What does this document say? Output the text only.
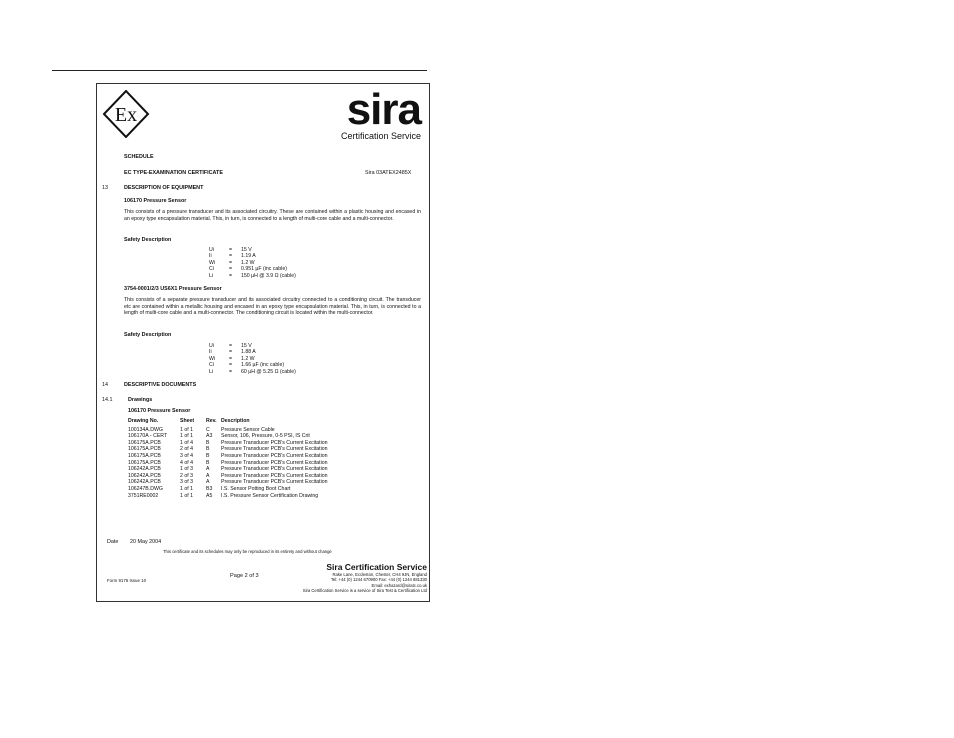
Ex	sira
Certification Service
SCHEDULE
EC TYPE-EXAMINATION CERTIFICATE	Sira 03ATEX2485X
13	DESCRIPTION OF EQUIPMENT
106170 Pressure Sensor
This consists of a pressure transducer and its associated circuitry. These are contained within a plastic housing and encased in an epoxy type encapsulation material. This, in turn, is connected to a length of multi-core cable and a multi-connector.
Safety Description
Ui	=	15 V
Ii	=	1.19 A
Wi	=	1.2 W
Ci	=	0.951 µF (inc cable)
Li	=	150 µH @ 3.9 Ω (cable)
3754-0001/2/3 US6X1 Pressure Sensor
This consists of a separate pressure transducer and its associated circuitry connected to a conditioning circuit. The transducer etc are contained within a metallic housing and encased in an epoxy type encapsulation material. This, in turn, is connected to a length of multi-core cable and a multi-connector. The conditioning circuit is located within the multi-connector.
Safety Description
Ui	=	15 V
Ii	=	1.88 A
Wi	=	1.2 W
Ci	=	1.66 µF (inc cable)
Li	=	60 µH @ 5.25 Ω (cable)
14	DESCRIPTIVE DOCUMENTS
14.1	Drawings
106170 Pressure Sensor
Drawing No.	Sheet	Rev.	Description
100134A.DWG	1 of 1	C	Pressure Sensor Cable
106170A - CERT	1 of 1	A3	Sensor, 106, Pressure, 0-5 PSI, IS Crit
106175A.PCB	1 of 4	B	Pressure Transducer PCB's Current Excitation
106175A.PCB	2 of 4	B	Pressure Transducer PCB's Current Excitation
106175A.PCB	3 of 4	B	Pressure Transducer PCB's Current Excitation
106175A.PCB	4 of 4	B	Pressure Transducer PCB's Current Excitation
106242A.PCB	1 of 3	A	Pressure Transducer PCB's Current Excitation
106242A.PCB	2 of 3	A	Pressure Transducer PCB's Current Excitation
106242A.PCB	3 of 3	A	Pressure Transducer PCB's Current Excitation
106247B.DWG	1 of 1	B3	I.S. Sensor Potting Boot Chart
3751RE0002	1 of 1	A5	I.S. Pressure Sensor Certification Drawing
Date 20 May 2004
This certificate and its schedules may only be reproduced in its entirety and without change
Form 9176 Issue 10
Page 2 of 3
Sira Certification Service
Rake Lane, Eccleston, Chester, CH4 9JN, England
Tel: +44 (0) 1244 670900 Fax: +44 (0) 1244 681330
Email: exhazard@siratc.co.uk
Sira Certification Service is a service of Sira Test & Certification Ltd
